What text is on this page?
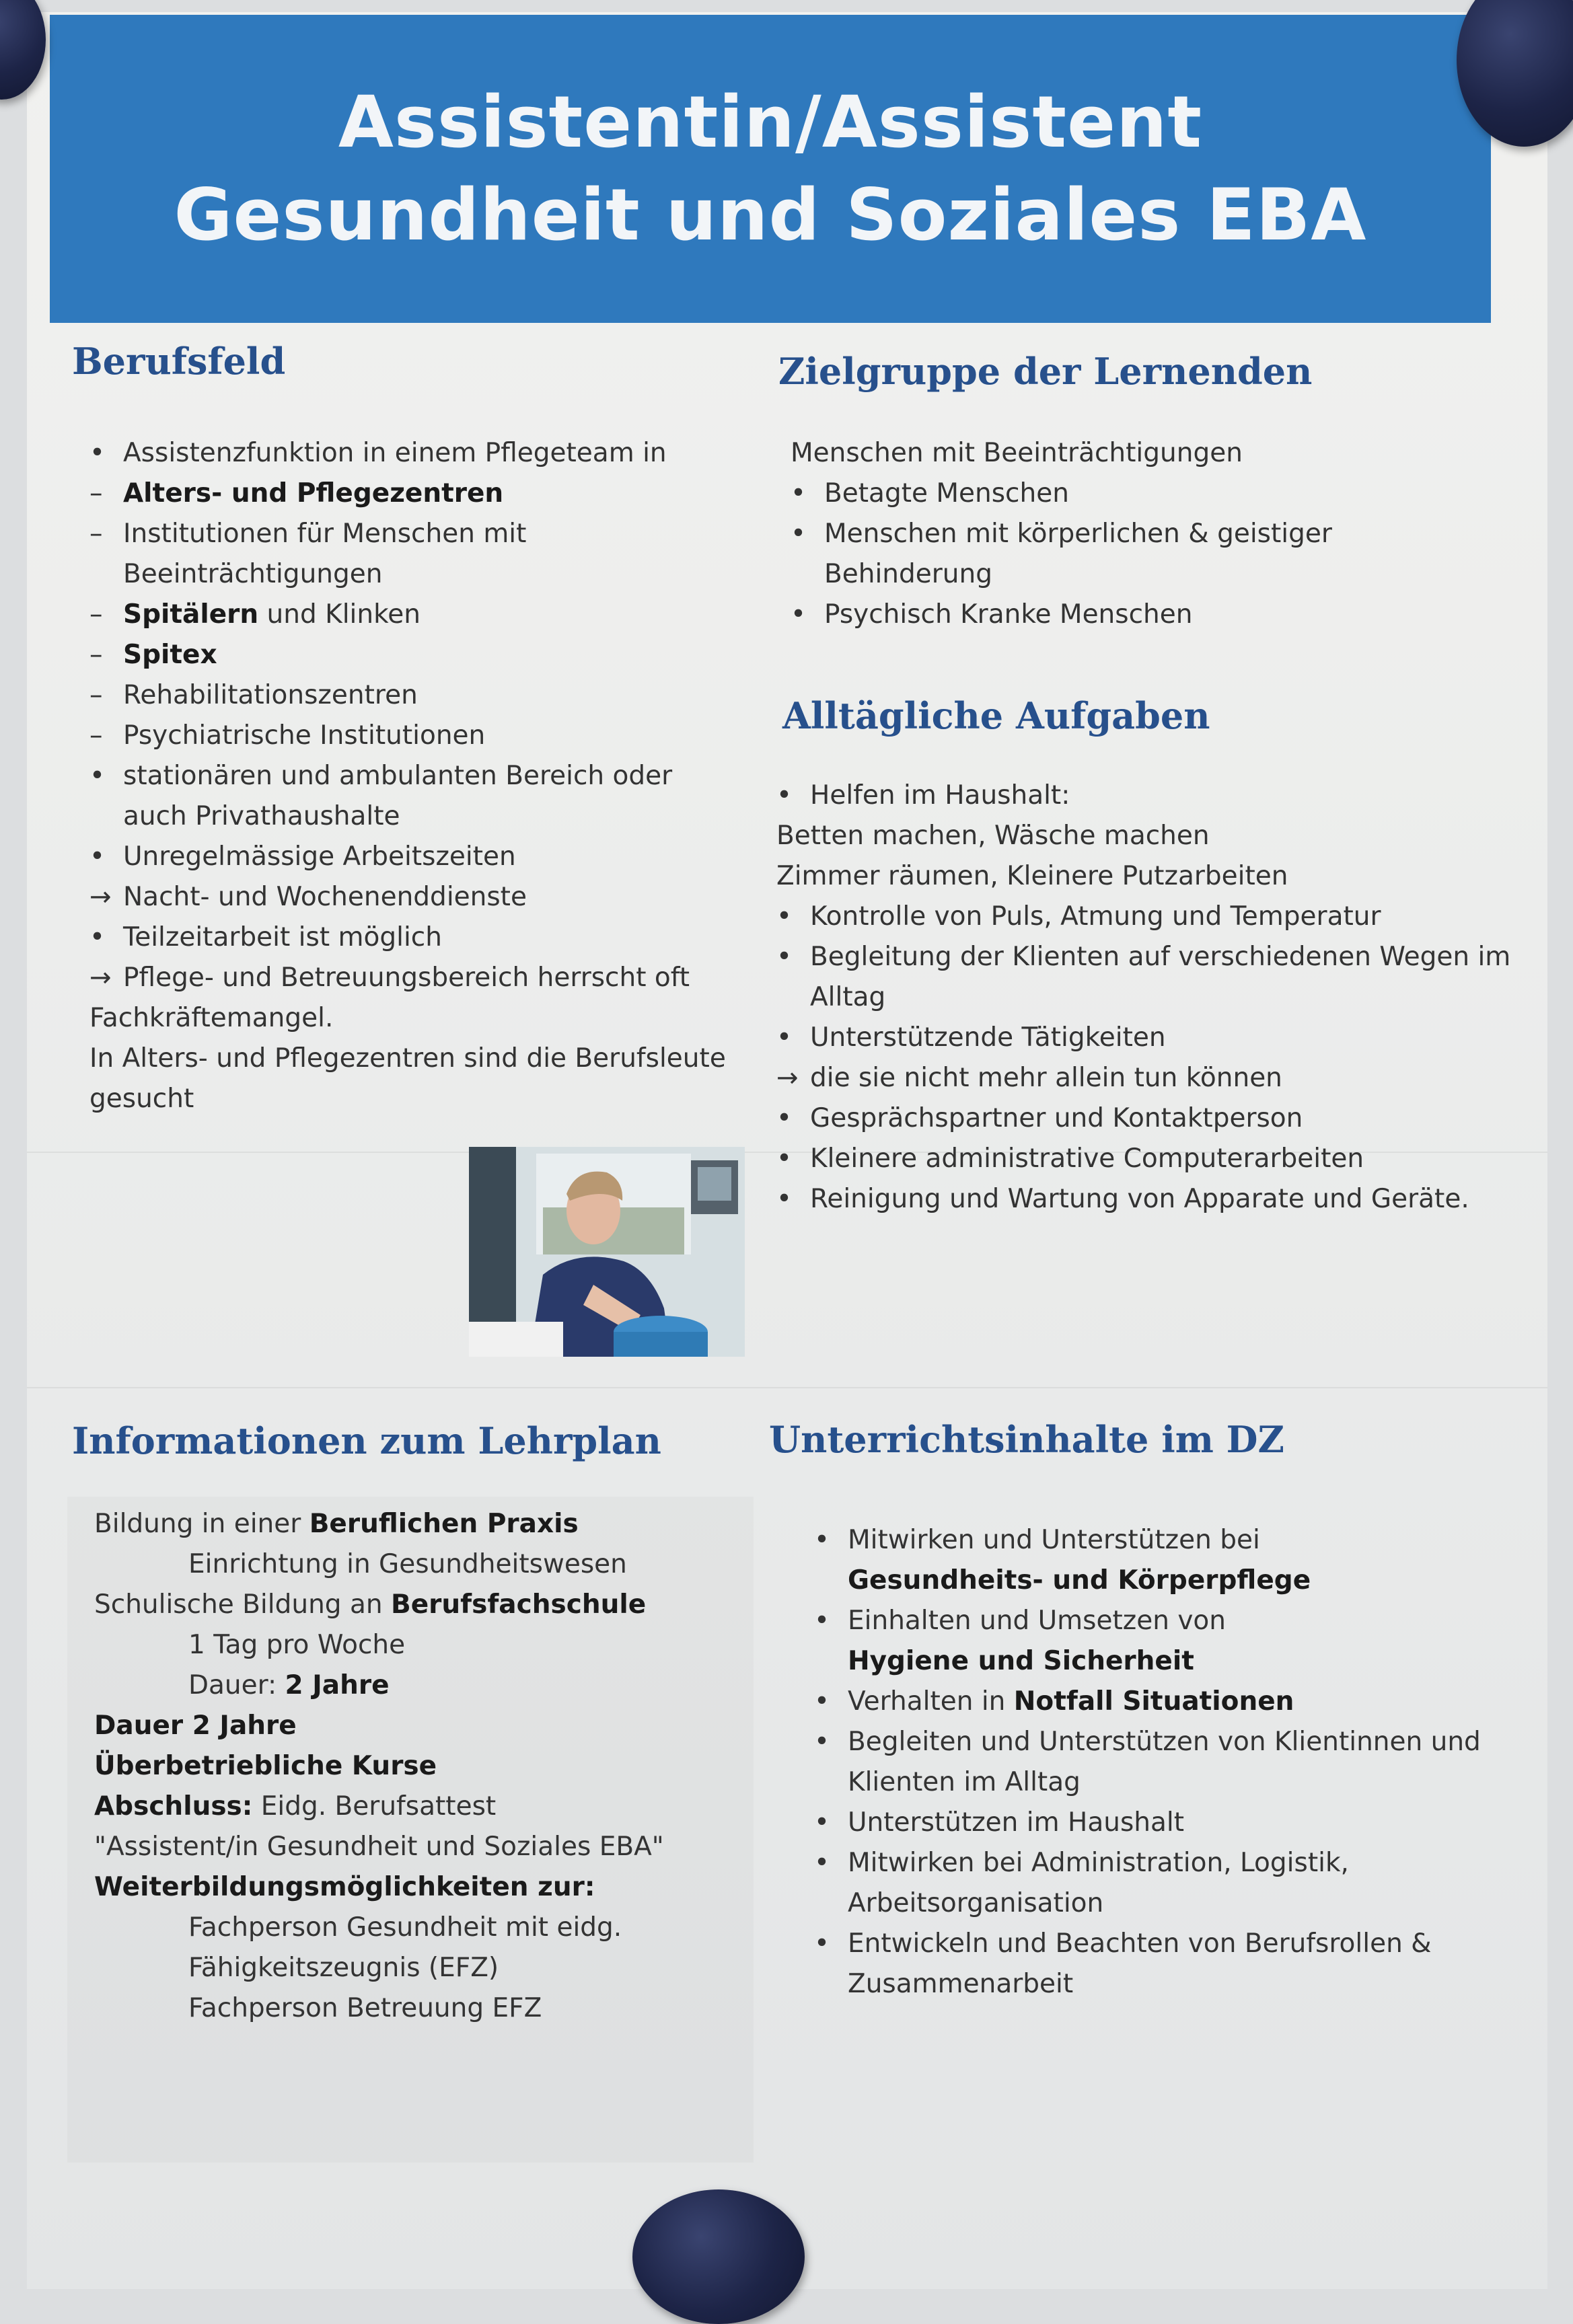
Assistentin/Assistent
Gesundheit und Soziales EBA
Berufsfeld
• Assistenzfunktion in einem Pflegeteam in
– Alters- und Pflegezentren
– Institutionen für Menschen mit Beeinträchtigungen
– Spitälern und Klinken
– Spitex
– Rehabilitationszentren
– Psychiatrische Institutionen
• stationären und ambulanten Bereich oder auch Privathaushalte
• Unregelmässige Arbeitszeiten
→ Nacht- und Wochenenddienste
• Teilzeitarbeit ist möglich
→ Pflege- und Betreuungsbereich herrscht oft
Fachkräftemangel.
In Alters- und Pflegezentren sind die Berufsleute gesucht
Zielgruppe der Lernenden
Menschen mit Beeinträchtigungen
• Betagte Menschen
• Menschen mit körperlichen & geistiger Behinderung
• Psychisch Kranke Menschen
Alltägliche Aufgaben
• Helfen im Haushalt:
Betten machen, Wäsche machen
Zimmer räumen, Kleinere Putzarbeiten
• Kontrolle von Puls, Atmung und Temperatur
• Begleitung der Klienten auf verschiedenen Wegen im Alltag
• Unterstützende Tätigkeiten
→ die sie nicht mehr allein tun können
• Gesprächspartner und Kontaktperson
• Kleinere administrative Computerarbeiten
• Reinigung und Wartung von Apparate und Geräte.
Informationen zum Lehrplan
Bildung in einer Beruflichen Praxis
Einrichtung in Gesundheitswesen
Schulische Bildung an Berufsfachschule
1 Tag pro Woche
Dauer: 2 Jahre
Dauer 2 Jahre
Überbetriebliche Kurse
Abschluss: Eidg. Berufsattest
"Assistent/in Gesundheit und Soziales EBA"
Weiterbildungsmöglichkeiten zur:
Fachperson Gesundheit mit eidg.
Fähigkeitszeugnis (EFZ)
Fachperson Betreuung EFZ
Unterrichtsinhalte im DZ
• Mitwirken und Unterstützen bei
Gesundheits- und Körperpflege
• Einhalten und Umsetzen von
Hygiene und Sicherheit
• Verhalten in Notfall Situationen
• Begleiten und Unterstützen von Klientinnen und Klienten im Alltag
• Unterstützen im Haushalt
• Mitwirken bei Administration, Logistik, Arbeitsorganisation
• Entwickeln und Beachten von Berufsrollen & Zusammenarbeit
